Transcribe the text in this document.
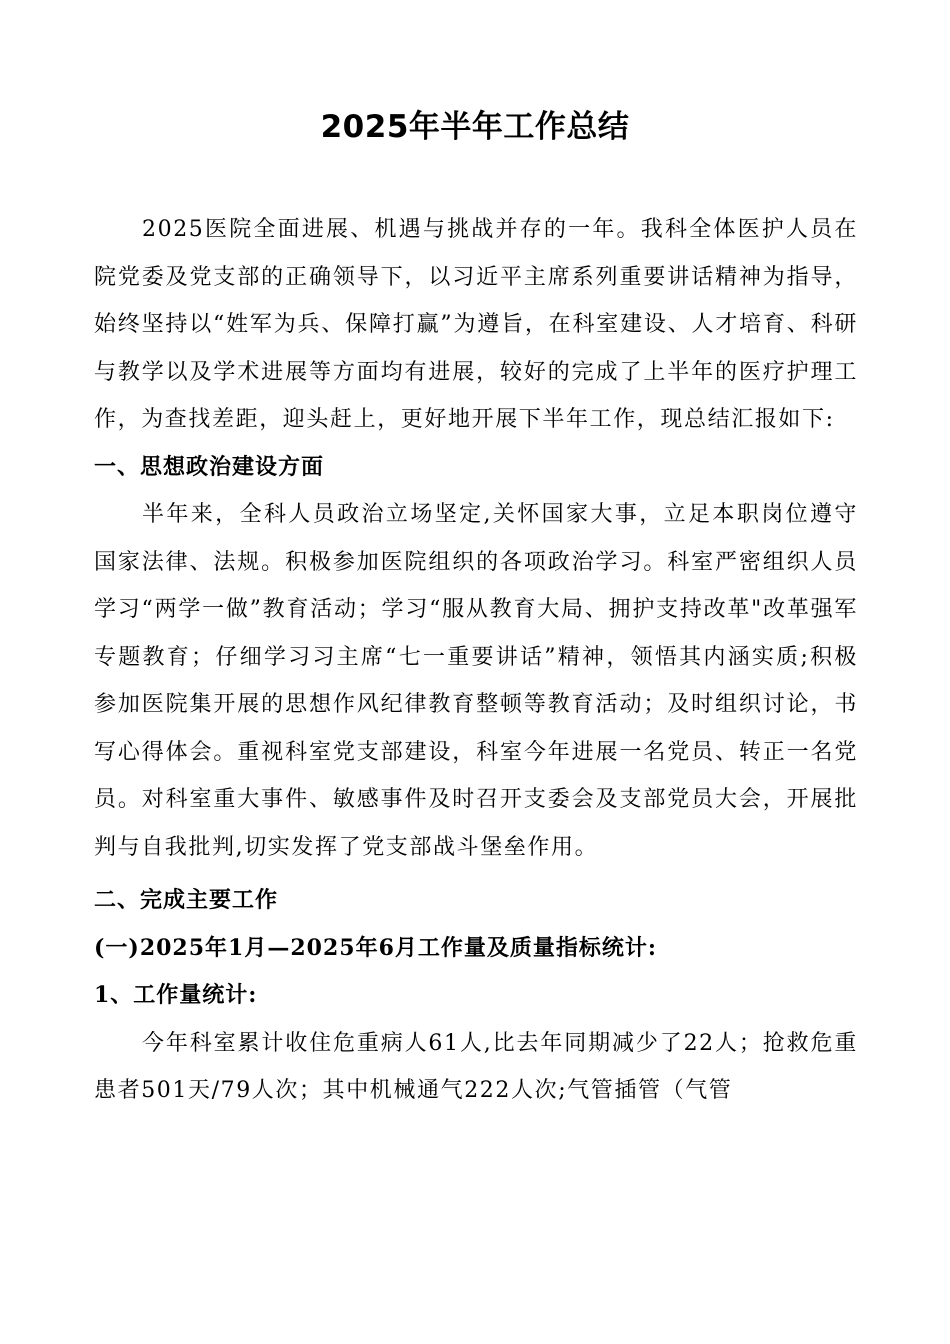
2025年半年工作总结

2025医院全面进展、机遇与挑战并存的一年。我科全体医护人员在院党委及党支部的正确领导下，以习近平主席系列重要讲话精神为指导，始终坚持以“姓军为兵、保障打赢”为遵旨，在科室建设、人才培育、科研与教学以及学术进展等方面均有进展，较好的完成了上半年的医疗护理工作，为查找差距，迎头赶上，更好地开展下半年工作，现总结汇报如下:

一、思想政治建设方面

半年来，全科人员政治立场坚定,关怀国家大事，立足本职岗位遵守国家法律、法规。积极参加医院组织的各项政治学习。科室严密组织人员学习“两学一做”教育活动；学习“服从教育大局、拥护支持改革"改革强军专题教育；仔细学习习主席“七一重要讲话”精神，领悟其内涵实质;积极参加医院集开展的思想作风纪律教育整顿等教育活动；及时组织讨论，书写心得体会。重视科室党支部建设，科室今年进展一名党员、转正一名党员。对科室重大事件、敏感事件及时召开支委会及支部党员大会，开展批判与自我批判,切实发挥了党支部战斗堡垒作用。

二、完成主要工作

(一)2025年1月—2025年6月工作量及质量指标统计:

1、工作量统计:

今年科室累计收住危重病人61人,比去年同期减少了22人；抢救危重患者501天/79人次；其中机械通气222人次;气管插管（气管
